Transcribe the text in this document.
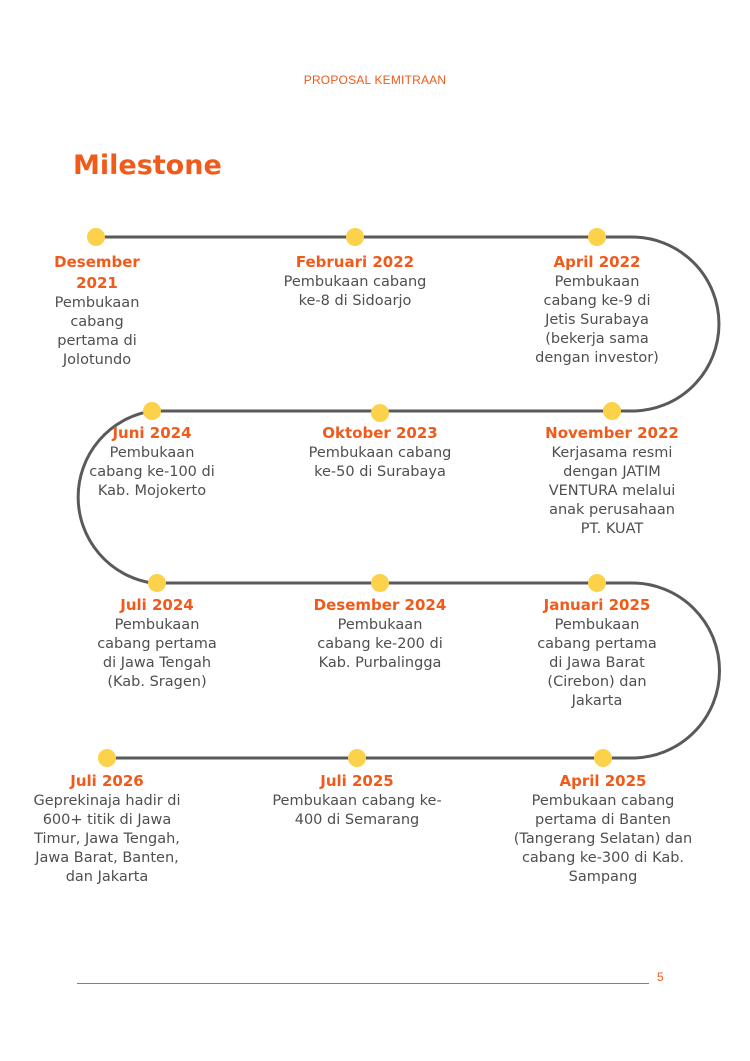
PROPOSAL KEMITRAAN
Milestone

Desember 2021

Pembukaan cabang pertama di Jolotundo

Februari 2022

Pembukaan cabang ke-8 di Sidoarjo

April 2022

Pembukaan cabang ke-9 di Jetis Surabaya (bekerja sama dengan investor)

Juni 2024

Pembukaan cabang ke-100 di Kab. Mojokerto

Oktober 2023

Pembukaan cabang ke-50 di Surabaya

November 2022

Kerjasama resmi dengan JATIM VENTURA melalui anak perusahaan PT. KUAT

Juli 2024

Pembukaan cabang pertama di Jawa Tengah (Kab. Sragen)

Desember 2024

Pembukaan cabang ke-200 di Kab. Purbalingga

Januari 2025

Pembukaan cabang pertama di Jawa Barat (Cirebon) dan Jakarta

Juli 2026

Geprekinaja hadir di 600+ titik di Jawa Timur, Jawa Tengah, Jawa Barat, Banten, dan Jakarta

Juli 2025

Pembukaan cabang ke-400 di Semarang

April 2025

Pembukaan cabang pertama di Banten (Tangerang Selatan) dan cabang ke-300 di Kab. Sampang

5
